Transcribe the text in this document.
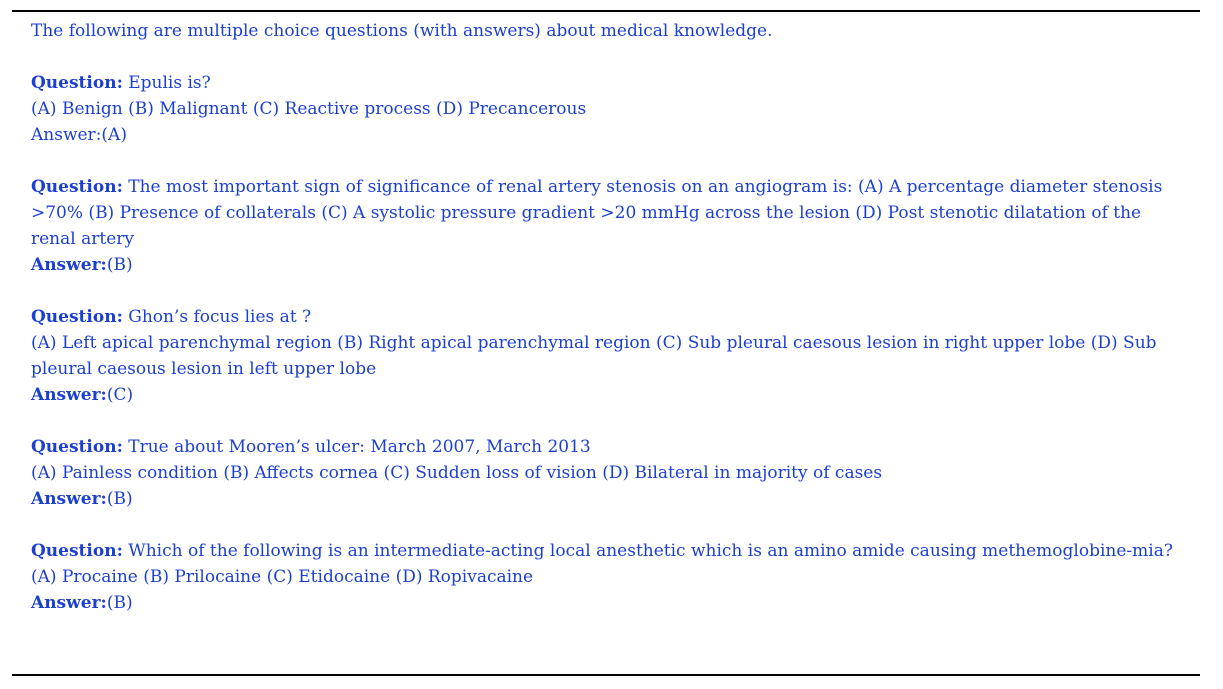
The following are multiple choice questions (with answers) about medical knowledge.

Question: Epulis is?

(A) Benign (B) Malignant (C) Reactive process (D) Precancerous

Answer:(A)

Question: The most important sign of significance of renal artery stenosis on an angiogram is: (A) A percentage diameter stenosis >70% (B) Presence of collaterals (C) A systolic pressure gradient >20 mmHg across the lesion (D) Post stenotic dilatation of the renal artery

Answer:(B)

Question: Ghon’s focus lies at ?

(A) Left apical parenchymal region (B) Right apical parenchymal region (C) Sub pleural caesous lesion in right upper lobe (D) Sub pleural caesous lesion in left upper lobe

Answer:(C)

Question: True about Mooren’s ulcer: March 2007, March 2013

(A) Painless condition (B) Affects cornea (C) Sudden loss of vision (D) Bilateral in majority of cases

Answer:(B)

Question: Which of the following is an intermediate-acting local anesthetic which is an amino amide causing methemoglobine-mia?

(A) Procaine (B) Prilocaine (C) Etidocaine (D) Ropivacaine

Answer:(B)
